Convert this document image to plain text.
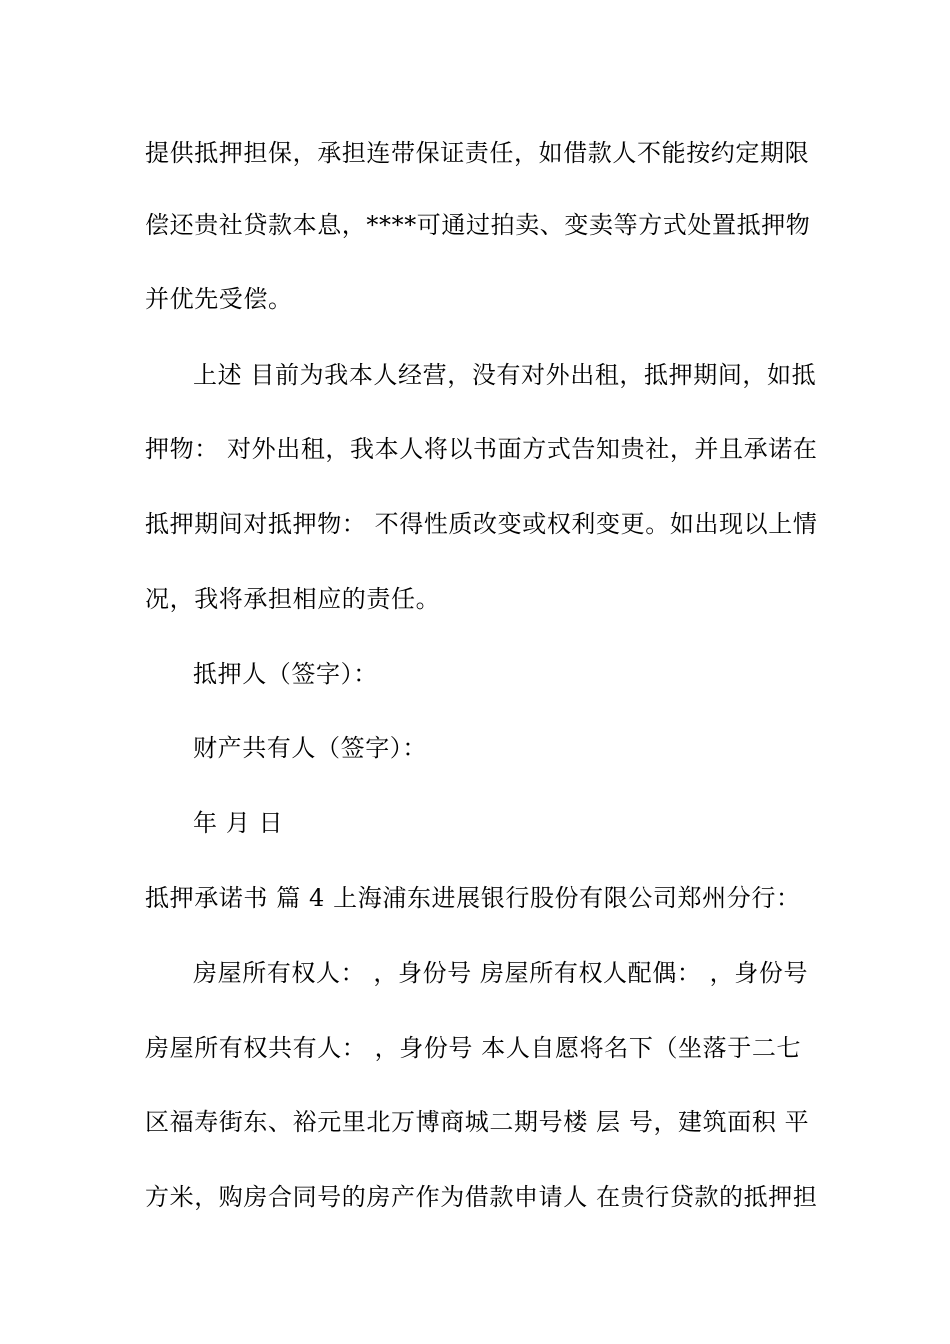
提供抵押担保，承担连带保证责任，如借款人不能按约定期限
偿还贵社贷款本息，****可通过拍卖、变卖等方式处置抵押物
并优先受偿。
上述 目前为我本人经营，没有对外出租，抵押期间，如抵
押物： 对外出租，我本人将以书面方式告知贵社，并且承诺在
抵押期间对抵押物： 不得性质改变或权利变更。如出现以上情
况，我将承担相应的责任。
抵押人（签字）：
财产共有人（签字）：
年 月 日
抵押承诺书 篇 4 上海浦东进展银行股份有限公司郑州分行：
房屋所有权人： ，身份号 房屋所有权人配偶： ，身份号
房屋所有权共有人： ，身份号 本人自愿将名下（坐落于二七
区福寿街东、裕元里北万博商城二期号楼 层 号，建筑面积 平
方米，购房合同号的房产作为借款申请人 在贵行贷款的抵押担
